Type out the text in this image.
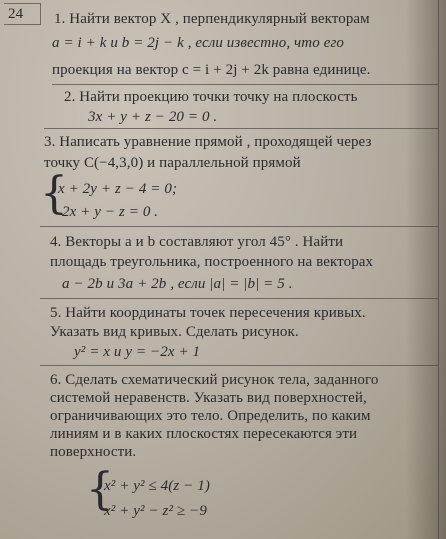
24 1. Найти вектор X , перпендикулярный векторам
a = i + k и b = 2j − k , если известно, что его
проекция на вектор c = i + 2j + 2k равна единице.
2. Найти проекцию точки точку на плоскость
3x + y + z − 20 = 0 .
3. Написать уравнение прямой , проходящей через
точку C(−4,3,0) и параллельной прямой
{
x + 2y + z − 4 = 0;
2x + y − z = 0 .
4. Векторы a и b составляют угол 45° . Найти
площадь треугольника, построенного на векторах
a − 2b и 3a + 2b , если |a| = |b| = 5 .
5. Найти координаты точек пересечения кривых.
Указать вид кривых. Сделать рисунок.
y² = x и y = −2x + 1
6. Сделать схематический рисунок тела, заданного
системой неравенств. Указать вид поверхностей,
ограничивающих это тело. Определить, по каким
линиям и в каких плоскостях пересекаются эти
поверхности.
{
x² + y² ≤ 4(z − 1)
x² + y² − z² ≥ −9
